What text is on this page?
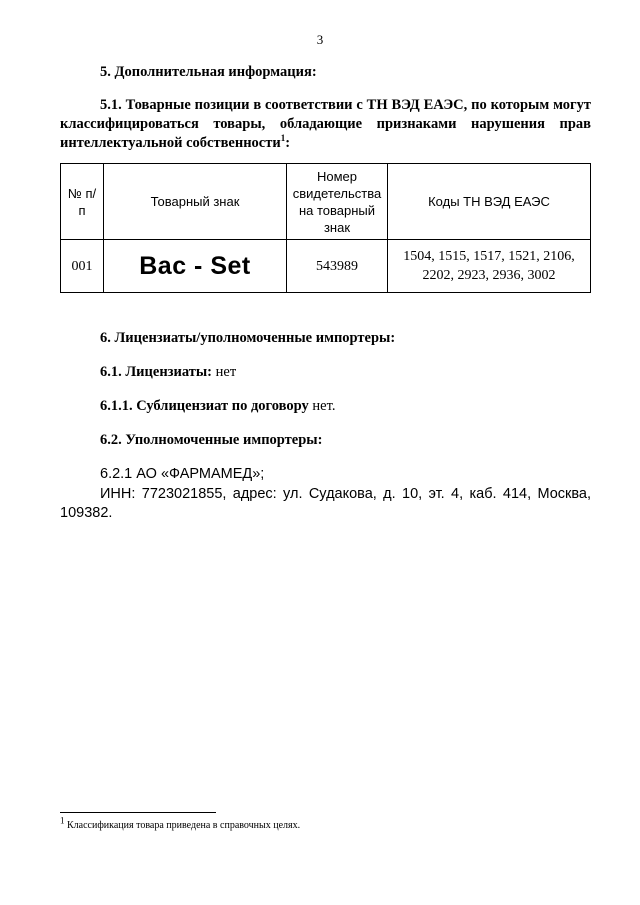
3
5. Дополнительная информация:
5.1. Товарные позиции в соответствии с ТН ВЭД ЕАЭС, по которым могут классифицироваться товары, обладающие признаками нарушения прав интеллектуальной собственности$^1$:
№ п/п	Товарный знак	Номер свидетельства на товарный знак	Коды ТН ВЭД ЕАЭС
001	Bac - Set	543989	1504, 1515, 1517, 1521, 2106, 2202, 2923, 2936, 3002
6. Лицензиаты/уполномоченные импортеры:
6.1. Лицензиаты: нет
6.1.1. Сублицензиат по договору нет.
6.2. Уполномоченные импортеры:
6.2.1 АО «ФАРМАМЕД»;
ИНН: 7723021855, адрес: ул. Судакова, д. 10, эт. 4, каб. 414, Москва, 109382.
$^1$ Классификация товара приведена в справочных целях.
